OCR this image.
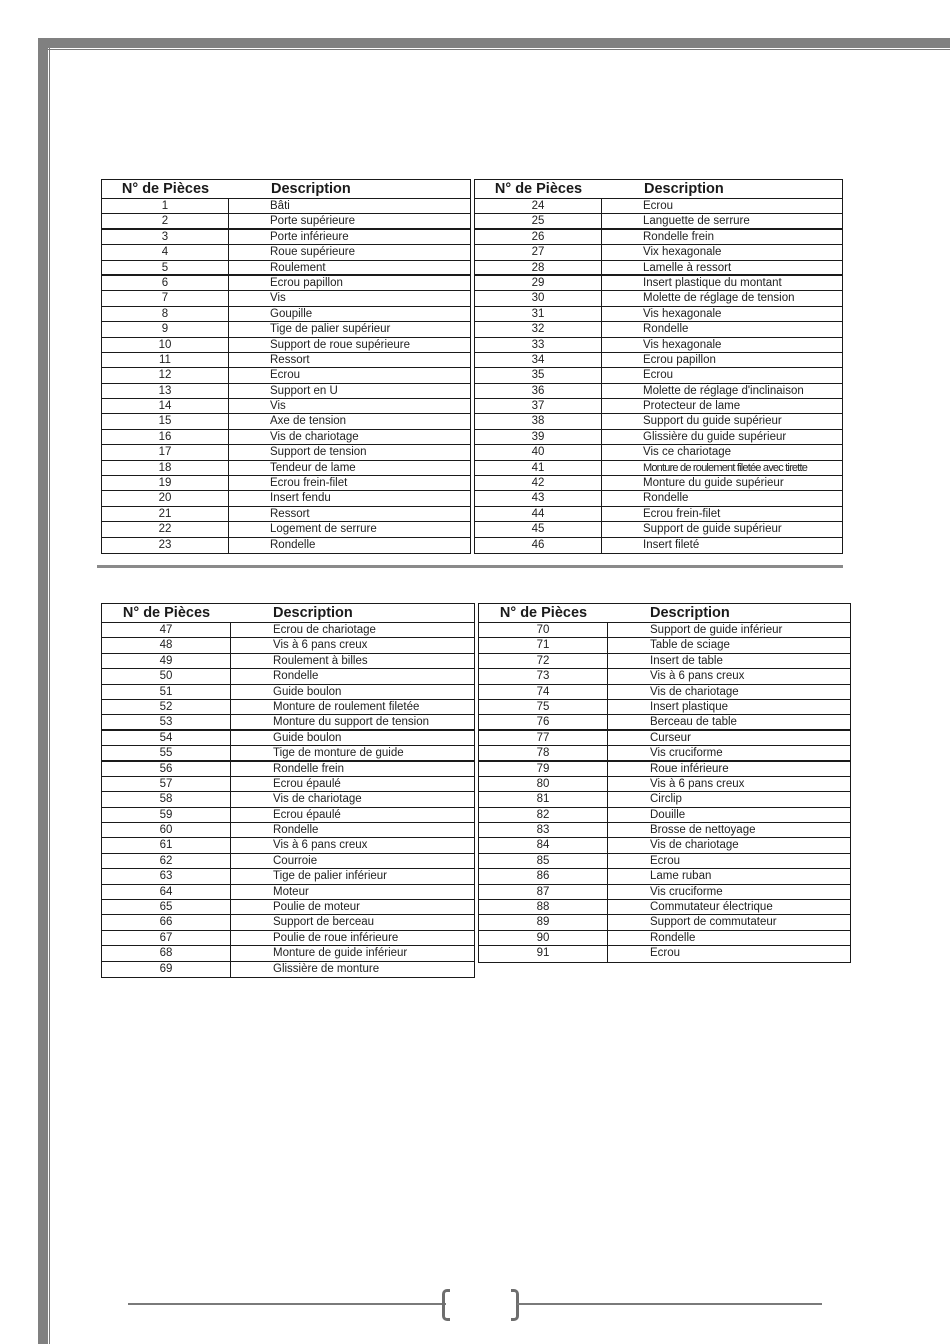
N° de Pièces	Description
1	Bâti
2	Porte supérieure
3	Porte inférieure
4	Roue supérieure
5	Roulement
6	Ecrou papillon
7	Vis
8	Goupille
9	Tige de palier supérieur
10	Support de roue supérieure
11	Ressort
12	Ecrou
13	Support en U
14	Vis
15	Axe de tension
16	Vis de chariotage
17	Support de tension
18	Tendeur de lame
19	Ecrou frein-filet
20	Insert fendu
21	Ressort
22	Logement de serrure
23	Rondelle
N° de Pièces	Description
24	Ecrou
25	Languette de serrure
26	Rondelle frein
27	Vix hexagonale
28	Lamelle à ressort
29	Insert plastique du montant
30	Molette de réglage de tension
31	Vis hexagonale
32	Rondelle
33	Vis hexagonale
34	Ecrou papillon
35	Ecrou
36	Molette de réglage d'inclinaison
37	Protecteur de lame
38	Support du guide supérieur
39	Glissière du guide supérieur
40	Vis ce chariotage
41	Monture de roulement filetée avec tirette
42	Monture du guide supérieur
43	Rondelle
44	Ecrou frein-filet
45	Support de guide supérieur
46	Insert fileté
N° de Pièces	Description
47	Ecrou de chariotage
48	Vis à 6 pans creux
49	Roulement à billes
50	Rondelle
51	Guide boulon
52	Monture de roulement filetée
53	Monture du support de tension
54	Guide boulon
55	Tige de monture de guide
56	Rondelle frein
57	Ecrou épaulé
58	Vis de chariotage
59	Ecrou épaulé
60	Rondelle
61	Vis à 6 pans creux
62	Courroie
63	Tige de palier inférieur
64	Moteur
65	Poulie de moteur
66	Support de berceau
67	Poulie de roue inférieure
68	Monture de guide inférieur
69	Glissière de monture
N° de Pièces	Description
70	Support de guide inférieur
71	Table de sciage
72	Insert de table
73	Vis à 6 pans creux
74	Vis de chariotage
75	Insert plastique
76	Berceau de table
77	Curseur
78	Vis cruciforme
79	Roue inférieure
80	Vis à 6 pans creux
81	Circlip
82	Douille
83	Brosse de nettoyage
84	Vis de chariotage
85	Ecrou
86	Lame ruban
87	Vis cruciforme
88	Commutateur électrique
89	Support de commutateur
90	Rondelle
91	Ecrou
